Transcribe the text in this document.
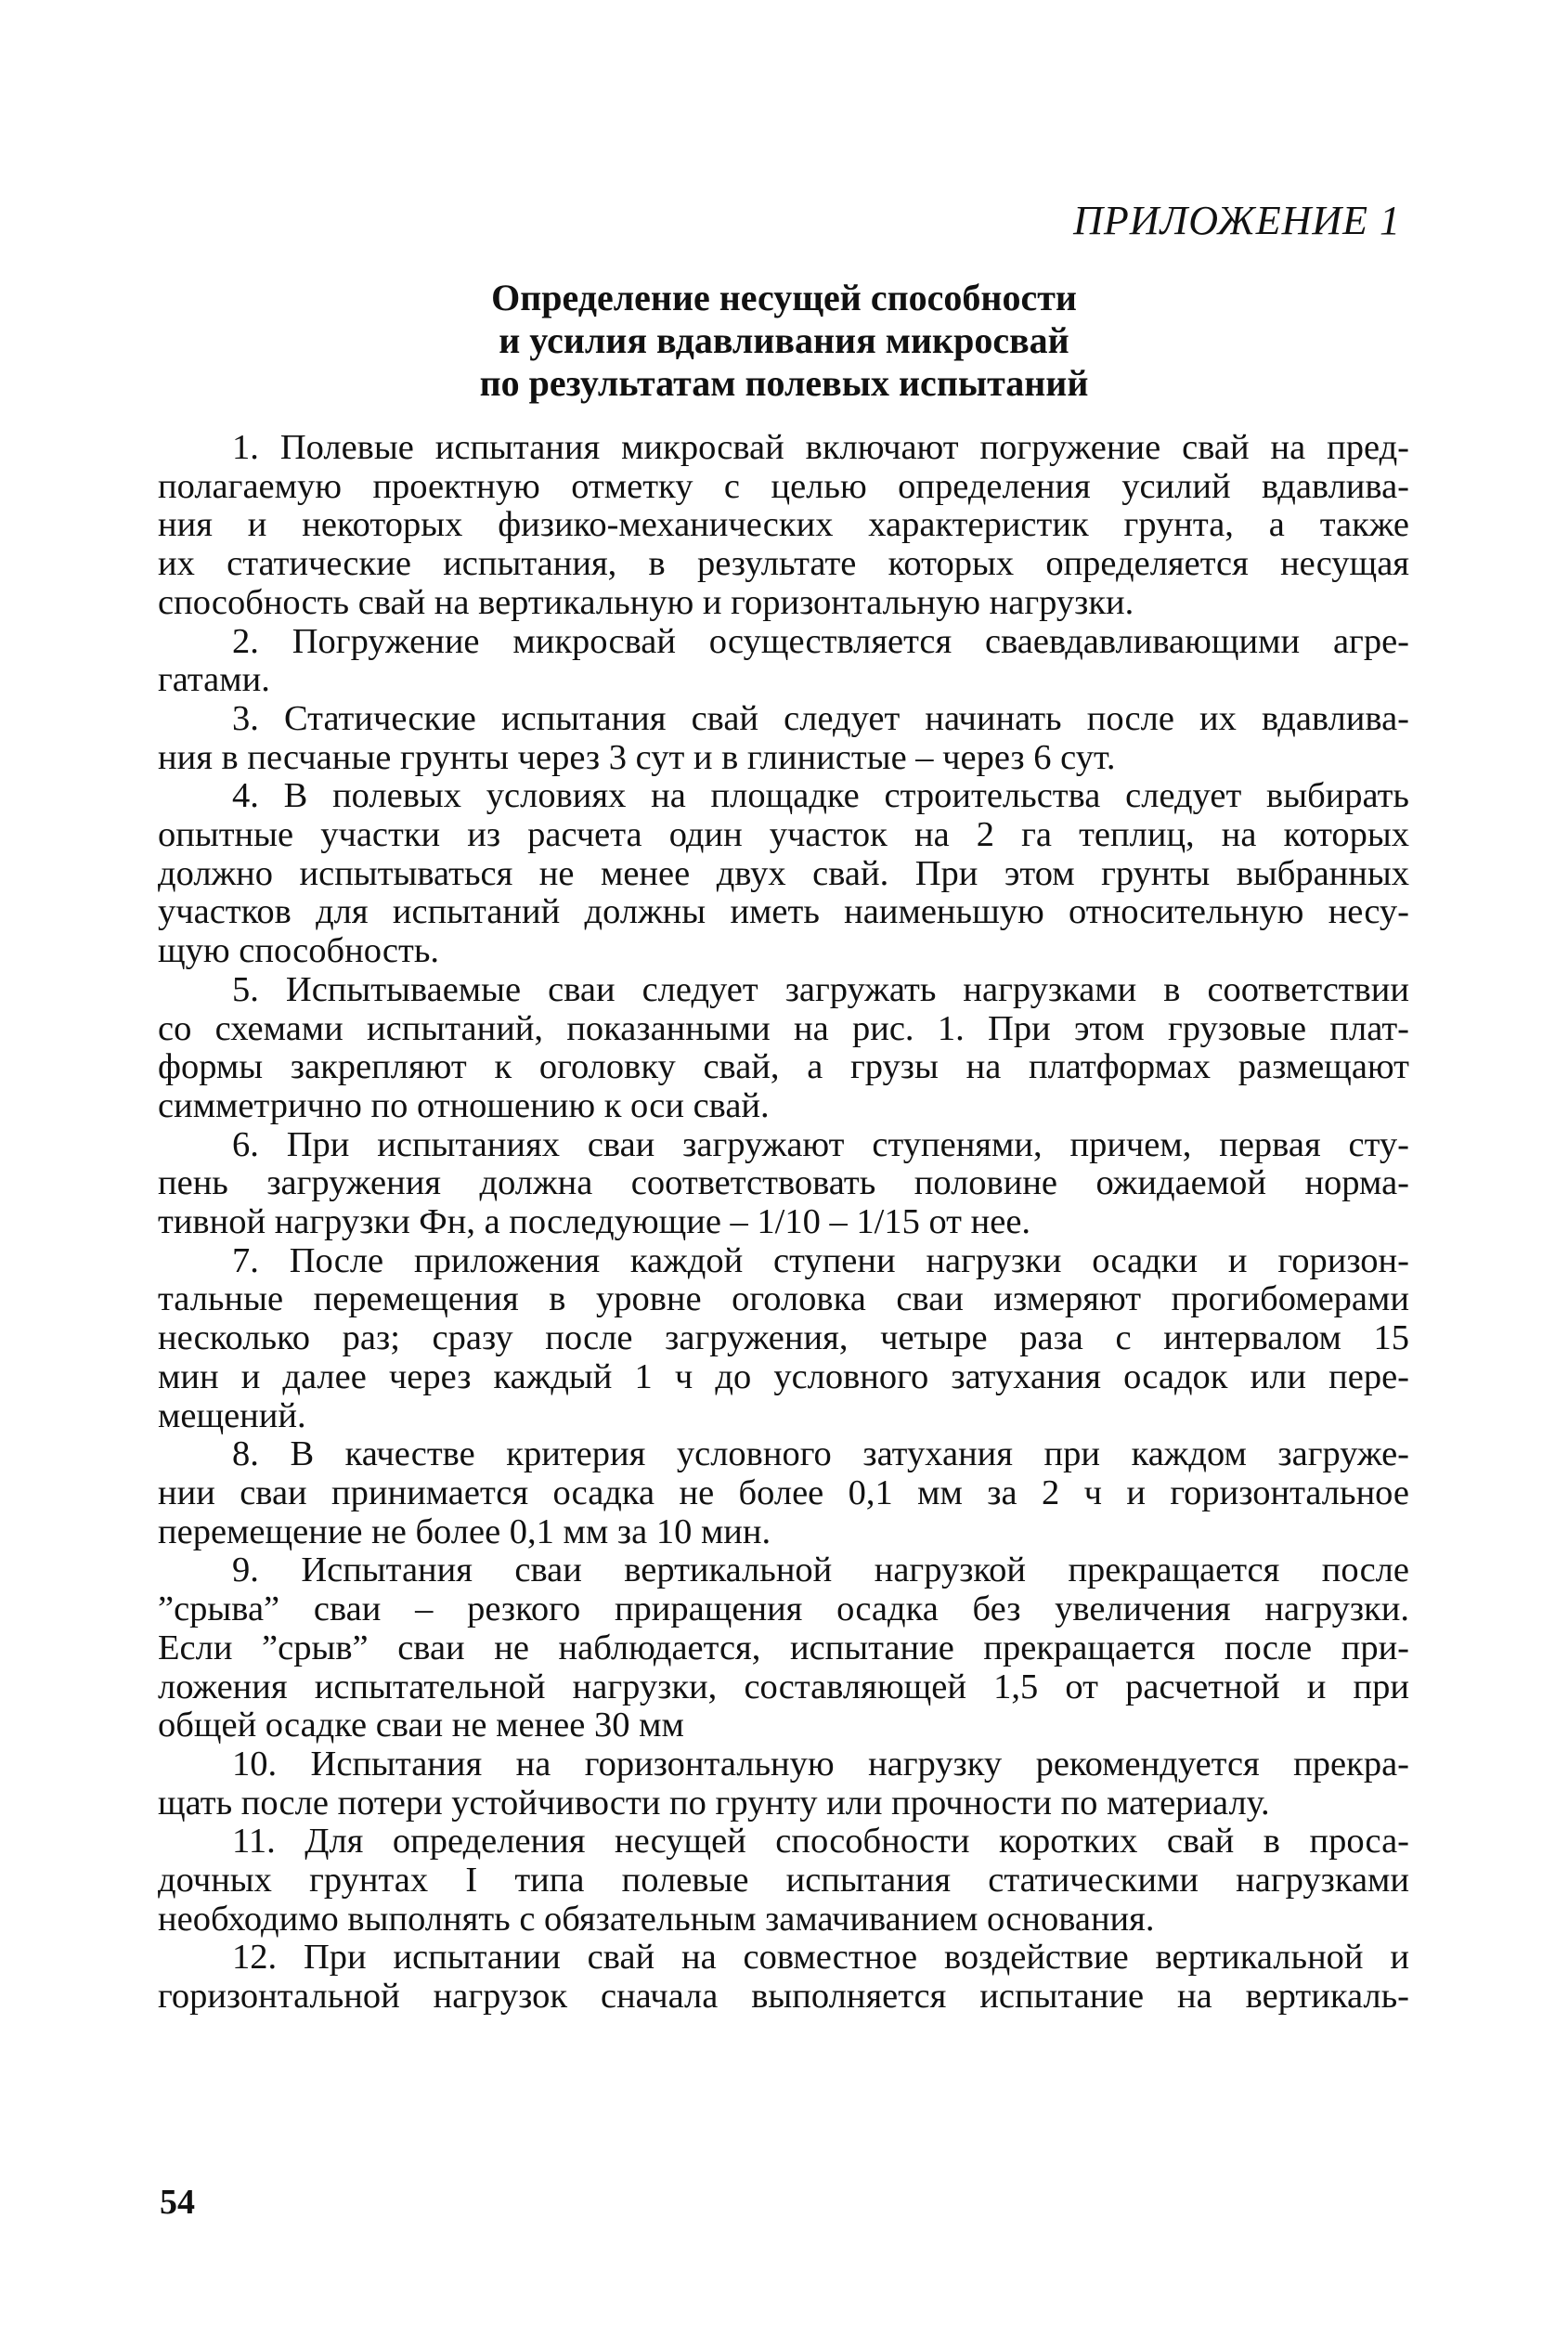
ПРИЛОЖЕНИЕ 1
Определение несущей способности
и усилия вдавливания микросвай
по результатам полевых испытаний
1. Полевые испытания микросвай включают погружение свай на пред-
полагаемую проектную отметку с целью определения усилий вдавлива-
ния и некоторых физико-механических характеристик грунта, а также
их статические испытания, в результате которых определяется несущая
способность свай на вертикальную и горизонтальную нагрузки.
2. Погружение микросвай осуществляется сваевдавливающими агре-
гатами.
3. Статические испытания свай следует начинать после их вдавлива-
ния в песчаные грунты через 3 сут и в глинистые – через 6 сут.
4. В полевых условиях на площадке строительства следует выбирать
опытные участки из расчета один участок на 2 га теплиц, на которых
должно испытываться не менее двух свай. При этом грунты выбранных
участков для испытаний должны иметь наименьшую относительную несу-
щую способность.
5. Испытываемые сваи следует загружать нагрузками в соответствии
со схемами испытаний, показанными на рис. 1. При этом грузовые плат-
формы закрепляют к оголовку свай, а грузы на платформах размещают
симметрично по отношению к оси свай.
6. При испытаниях сваи загружают ступенями, причем, первая сту-
пень загружения должна соответствовать половине ожидаемой норма-
тивной нагрузки Фн, а последующие – 1/10 – 1/15 от нее.
7. После приложения каждой ступени нагрузки осадки и горизон-
тальные перемещения в уровне оголовка сваи измеряют прогибомерами
несколько раз; сразу после загружения, четыре раза с интервалом 15
мин и далее через каждый 1 ч до условного затухания осадок или пере-
мещений.
8. В качестве критерия условного затухания при каждом загруже-
нии сваи принимается осадка не более 0,1 мм за 2 ч и горизонтальное
перемещение не более 0,1 мм за 10 мин.
9. Испытания сваи вертикальной нагрузкой прекращается после
”срыва” сваи – резкого приращения осадка без увеличения нагрузки.
Если ”срыв” сваи не наблюдается, испытание прекращается после при-
ложения испытательной нагрузки, составляющей 1,5 от расчетной и при
общей осадке сваи не менее 30 мм
10. Испытания на горизонтальную нагрузку рекомендуется прекра-
щать после потери устойчивости по грунту или прочности по материалу.
11. Для определения несущей способности коротких свай в проса-
дочных грунтах I типа полевые испытания статическими нагрузками
необходимо выполнять с обязательным замачиванием основания.
12. При испытании свай на совместное воздействие вертикальной и
горизонтальной нагрузок сначала выполняется испытание на вертикаль-
54
